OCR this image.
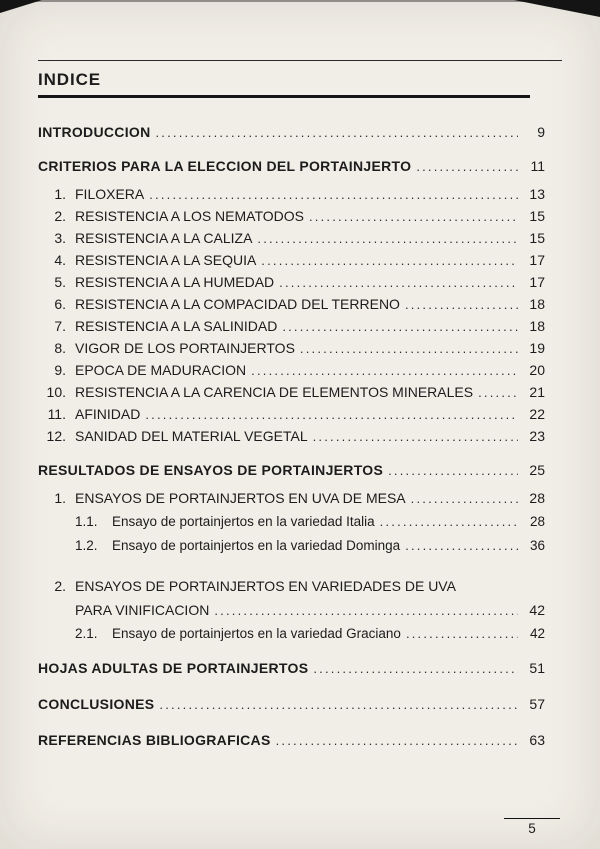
INDICE
INTRODUCCION .....	9
CRITERIOS PARA LA ELECCION DEL PORTAINJERTO .....	11
1. FILOXERA .....	13
2. RESISTENCIA A LOS NEMATODOS .....	15
3. RESISTENCIA A LA CALIZA .....	15
4. RESISTENCIA A LA SEQUIA .....	17
5. RESISTENCIA A LA HUMEDAD .....	17
6. RESISTENCIA A LA COMPACIDAD DEL TERRENO .....	18
7. RESISTENCIA A LA SALINIDAD .....	18
8. VIGOR DE LOS PORTAINJERTOS .....	19
9. EPOCA DE MADURACION .....	20
10. RESISTENCIA A LA CARENCIA DE ELEMENTOS MINERALES .....	21
11. AFINIDAD .....	22
12. SANIDAD DEL MATERIAL VEGETAL .....	23
RESULTADOS DE ENSAYOS DE PORTAINJERTOS .....	25
1. ENSAYOS DE PORTAINJERTOS EN UVA DE MESA .....	28
1.1.	Ensayo de portainjertos en la variedad Italia .....	28
1.2.	Ensayo de portainjertos en la variedad Dominga .....	36
2. ENSAYOS DE PORTAINJERTOS EN VARIEDADES DE UVA
PARA VINIFICACION .....	42
2.1.	Ensayo de portainjertos en la variedad Graciano .....	42
HOJAS ADULTAS DE PORTAINJERTOS .....	51
CONCLUSIONES .....	57
REFERENCIAS BIBLIOGRAFICAS .....	63
5
